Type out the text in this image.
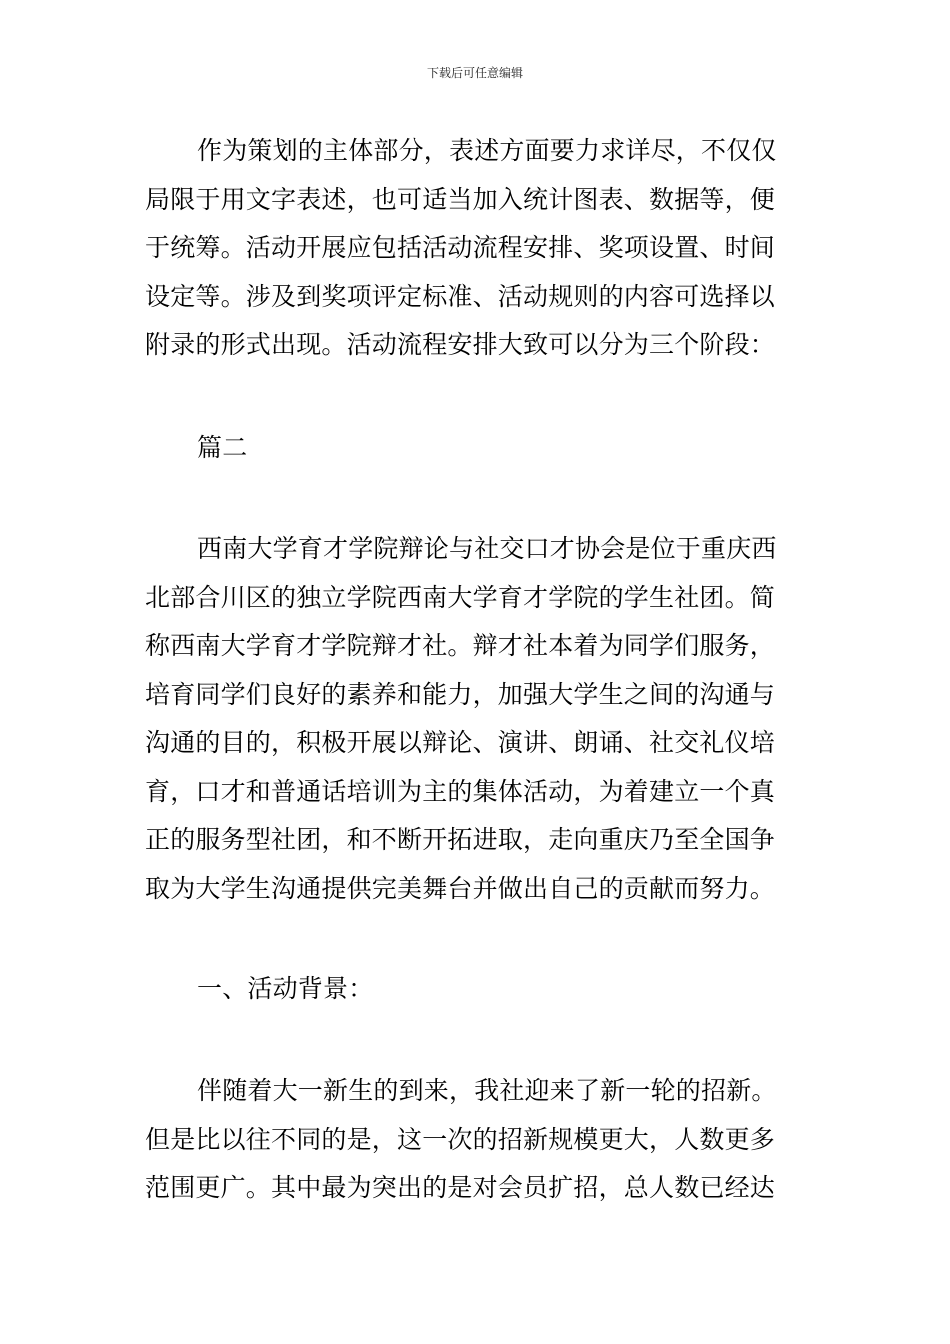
下载后可任意编辑
作为策划的主体部分，表述方面要力求详尽，不仅仅
局限于用文字表述，也可适当加入统计图表、数据等，便
于统筹。活动开展应包括活动流程安排、奖项设置、时间
设定等。涉及到奖项评定标准、活动规则的内容可选择以
附录的形式出现。活动流程安排大致可以分为三个阶段：
篇二
西南大学育才学院辩论与社交口才协会是位于重庆西
北部合川区的独立学院西南大学育才学院的学生社团。简
称西南大学育才学院辩才社。辩才社本着为同学们服务，
培育同学们良好的素养和能力，加强大学生之间的沟通与
沟通的目的，积极开展以辩论、演讲、朗诵、社交礼仪培
育，口才和普通话培训为主的集体活动，为着建立一个真
正的服务型社团，和不断开拓进取，走向重庆乃至全国争
取为大学生沟通提供完美舞台并做出自己的贡献而努力。
一、活动背景：
伴随着大一新生的到来，我社迎来了新一轮的招新。
但是比以往不同的是，这一次的招新规模更大，人数更多
范围更广。其中最为突出的是对会员扩招，总人数已经达
